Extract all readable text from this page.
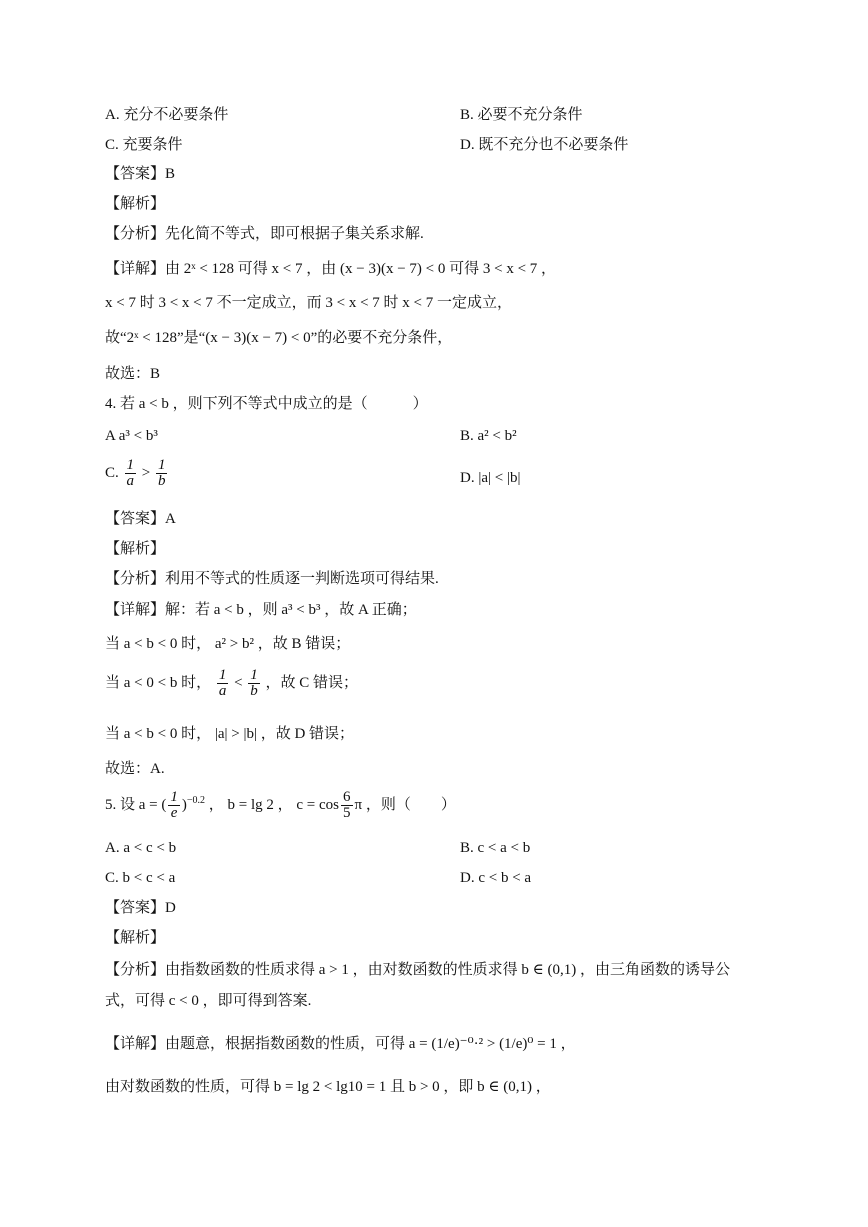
A. 充分不必要条件	B. 必要不充分条件
C. 充要条件	D. 既不充分也不必要条件
【答案】B
【解析】
【分析】先化简不等式，即可根据子集关系求解.
【详解】由 2ˣ < 128 可得 x < 7 ，由 (x − 3)(x − 7) < 0 可得 3 < x < 7 ，
x < 7 时 3 < x < 7 不一定成立，而 3 < x < 7 时 x < 7 一定成立，
故“2ˣ < 128”是“(x − 3)(x − 7) < 0”的必要不充分条件，
故选：B
4. 若 a < b ，则下列不等式中成立的是（　　　）
A a³ < b³	B. a² < b²
C. $\frac{1}{a} > \frac{1}{b}$	D. |a| < |b|
【答案】A
【解析】
【分析】利用不等式的性质逐一判断选项可得结果.
【详解】解：若 a < b ，则 a³ < b³ ，故 A 正确；
当 a < b < 0 时， a² > b² ，故 B 错误；
当 a < 0 < b 时， $\frac{1}{a} < \frac{1}{b}$ ，故 C 错误；
当 a < b < 0 时， |a| > |b| ，故 D 错误；
故选：A.
5. 设 a = ( $\frac{1}{e} )^{-0.2}$ ， b = lg 2 ， $c = \cos \frac{6}{5}$ π ，则（　　）
A. a < c < b	B. c < a < b
C. b < c < a	D. c < b < a
【答案】D
【解析】
【分析】由指数函数的性质求得 a > 1 ，由对数函数的性质求得 b ∈ (0,1) ，由三角函数的诱导公
式，可得 c < 0 ，即可得到答案.
【详解】由题意，根据指数函数的性质，可得 a = (1/e)⁻⁰·² > (1/e)⁰ = 1 ，
由对数函数的性质，可得 b = lg 2 < lg10 = 1 且 b > 0 ，即 b ∈ (0,1) ，
